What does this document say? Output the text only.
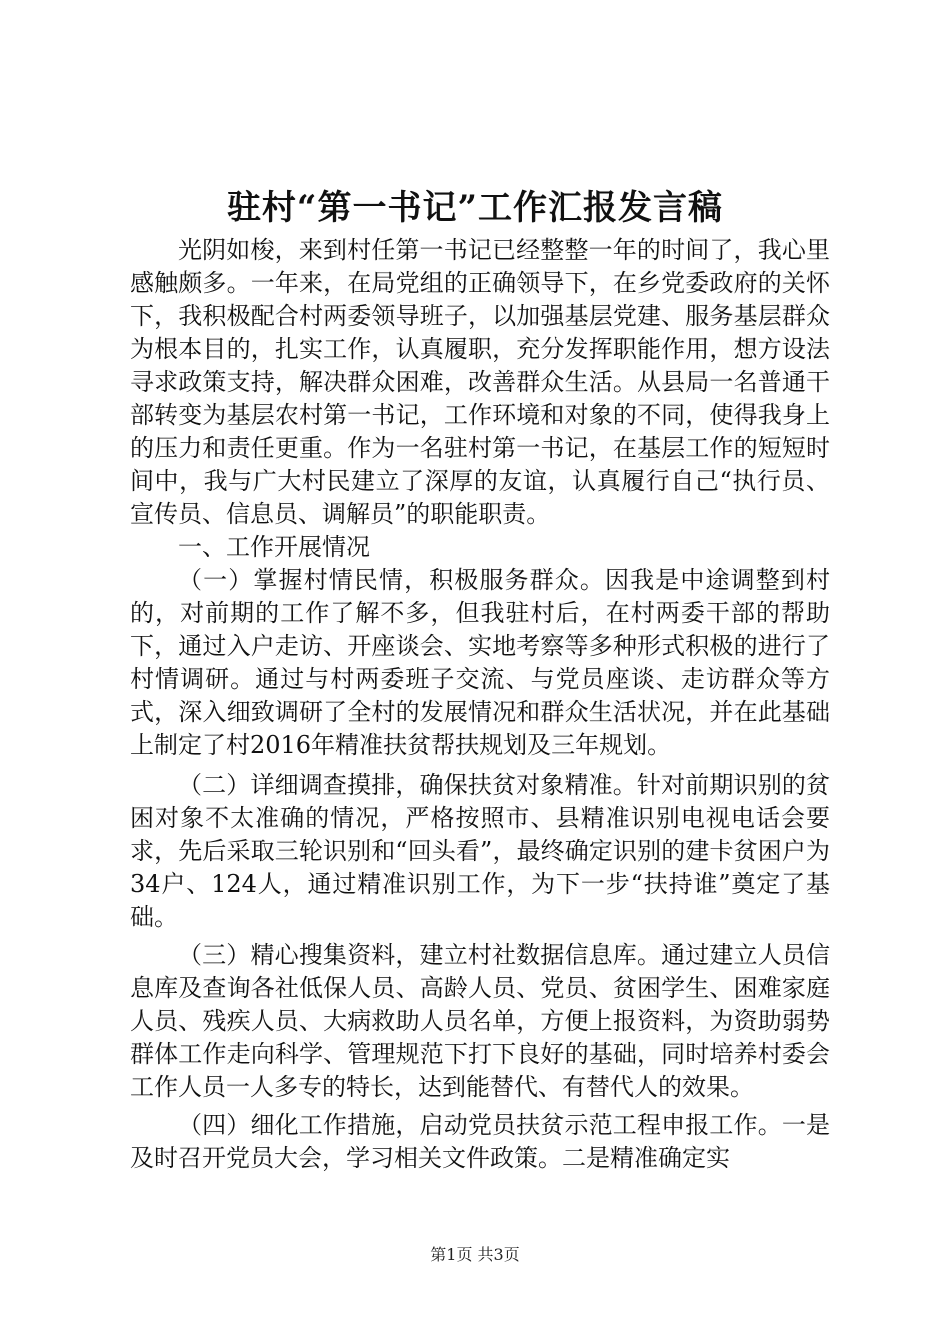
驻村“第一书记”工作汇报发言稿

光阴如梭，来到村任第一书记已经整整一年的时间了，我心里感触颇多。一年来，在局党组的正确领导下，在乡党委政府的关怀下，我积极配合村两委领导班子，以加强基层党建、服务基层群众为根本目的，扎实工作，认真履职，充分发挥职能作用，想方设法寻求政策支持，解决群众困难，改善群众生活。从县局一名普通干部转变为基层农村第一书记，工作环境和对象的不同，使得我身上的压力和责任更重。作为一名驻村第一书记，在基层工作的短短时间中，我与广大村民建立了深厚的友谊，认真履行自己“执行员、宣传员、信息员、调解员”的职能职责。

一、工作开展情况

（一）掌握村情民情，积极服务群众。因我是中途调整到村的，对前期的工作了解不多，但我驻村后，在村两委干部的帮助下，通过入户走访、开座谈会、实地考察等多种形式积极的进行了村情调研。通过与村两委班子交流、与党员座谈、走访群众等方式，深入细致调研了全村的发展情况和群众生活状况，并在此基础上制定了村2016年精准扶贫帮扶规划及三年规划。

（二）详细调查摸排，确保扶贫对象精准。针对前期识别的贫困对象不太准确的情况，严格按照市、县精准识别电视电话会要求，先后采取三轮识别和“回头看”，最终确定识别的建卡贫困户为34户、124人，通过精准识别工作，为下一步“扶持谁”奠定了基础。

（三）精心搜集资料，建立村社数据信息库。通过建立人员信息库及查询各社低保人员、高龄人员、党员、贫困学生、困难家庭人员、残疾人员、大病救助人员名单，方便上报资料，为资助弱势群体工作走向科学、管理规范下打下良好的基础，同时培养村委会工作人员一人多专的特长，达到能替代、有替代人的效果。

（四）细化工作措施，启动党员扶贫示范工程申报工作。一是及时召开党员大会，学习相关文件政策。二是精准确定实

第1页 共3页
